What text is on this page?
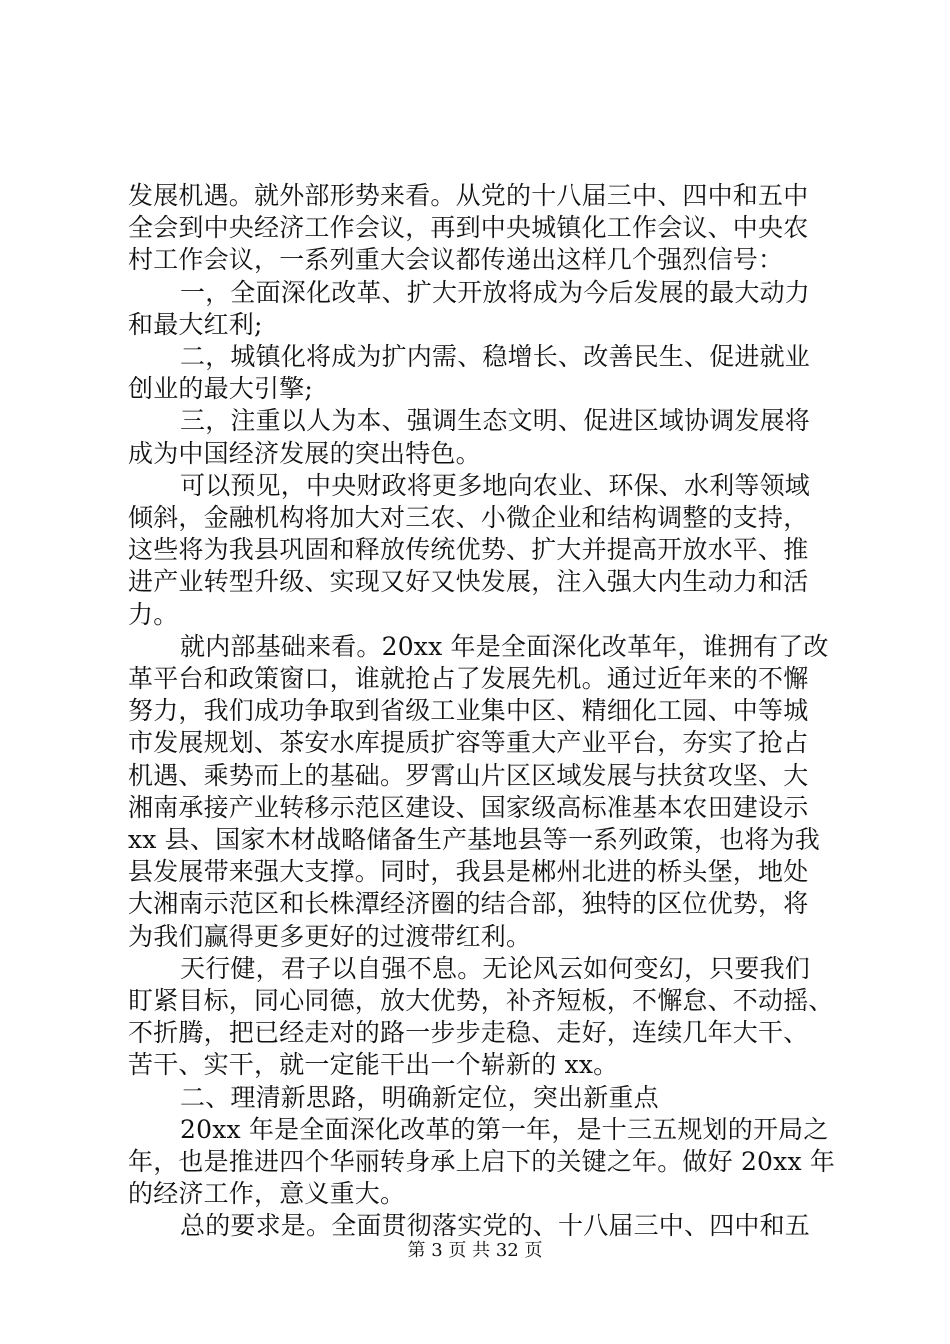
发展机遇。就外部形势来看。从党的十八届三中、四中和五中
全会到中央经济工作会议，再到中央城镇化工作会议、中央农
村工作会议，一系列重大会议都传递出这样几个强烈信号：
一，全面深化改革、扩大开放将成为今后发展的最大动力
和最大红利;
二，城镇化将成为扩内需、稳增长、改善民生、促进就业
创业的最大引擎;
三，注重以人为本、强调生态文明、促进区域协调发展将
成为中国经济发展的突出特色。
可以预见，中央财政将更多地向农业、环保、水利等领域
倾斜，金融机构将加大对三农、小微企业和结构调整的支持，
这些将为我县巩固和释放传统优势、扩大并提高开放水平、推
进产业转型升级、实现又好又快发展，注入强大内生动力和活
力。
就内部基础来看。20xx 年是全面深化改革年，谁拥有了改
革平台和政策窗口，谁就抢占了发展先机。通过近年来的不懈
努力，我们成功争取到省级工业集中区、精细化工园、中等城
市发展规划、茶安水库提质扩容等重大产业平台，夯实了抢占
机遇、乘势而上的基础。罗霄山片区区域发展与扶贫攻坚、大
湘南承接产业转移示范区建设、国家级高标准基本农田建设示
xx 县、国家木材战略储备生产基地县等一系列政策，也将为我
县发展带来强大支撑。同时，我县是郴州北进的桥头堡，地处
大湘南示范区和长株潭经济圈的结合部，独特的区位优势，将
为我们赢得更多更好的过渡带红利。
天行健，君子以自强不息。无论风云如何变幻，只要我们
盯紧目标，同心同德，放大优势，补齐短板，不懈怠、不动摇、
不折腾，把已经走对的路一步步走稳、走好，连续几年大干、
苦干、实干，就一定能干出一个崭新的 xx。
二、理清新思路，明确新定位，突出新重点
20xx 年是全面深化改革的第一年，是十三五规划的开局之
年，也是推进四个华丽转身承上启下的关键之年。做好 20xx 年
的经济工作，意义重大。
总的要求是。全面贯彻落实党的、十八届三中、四中和五
第 3 页 共 32 页
